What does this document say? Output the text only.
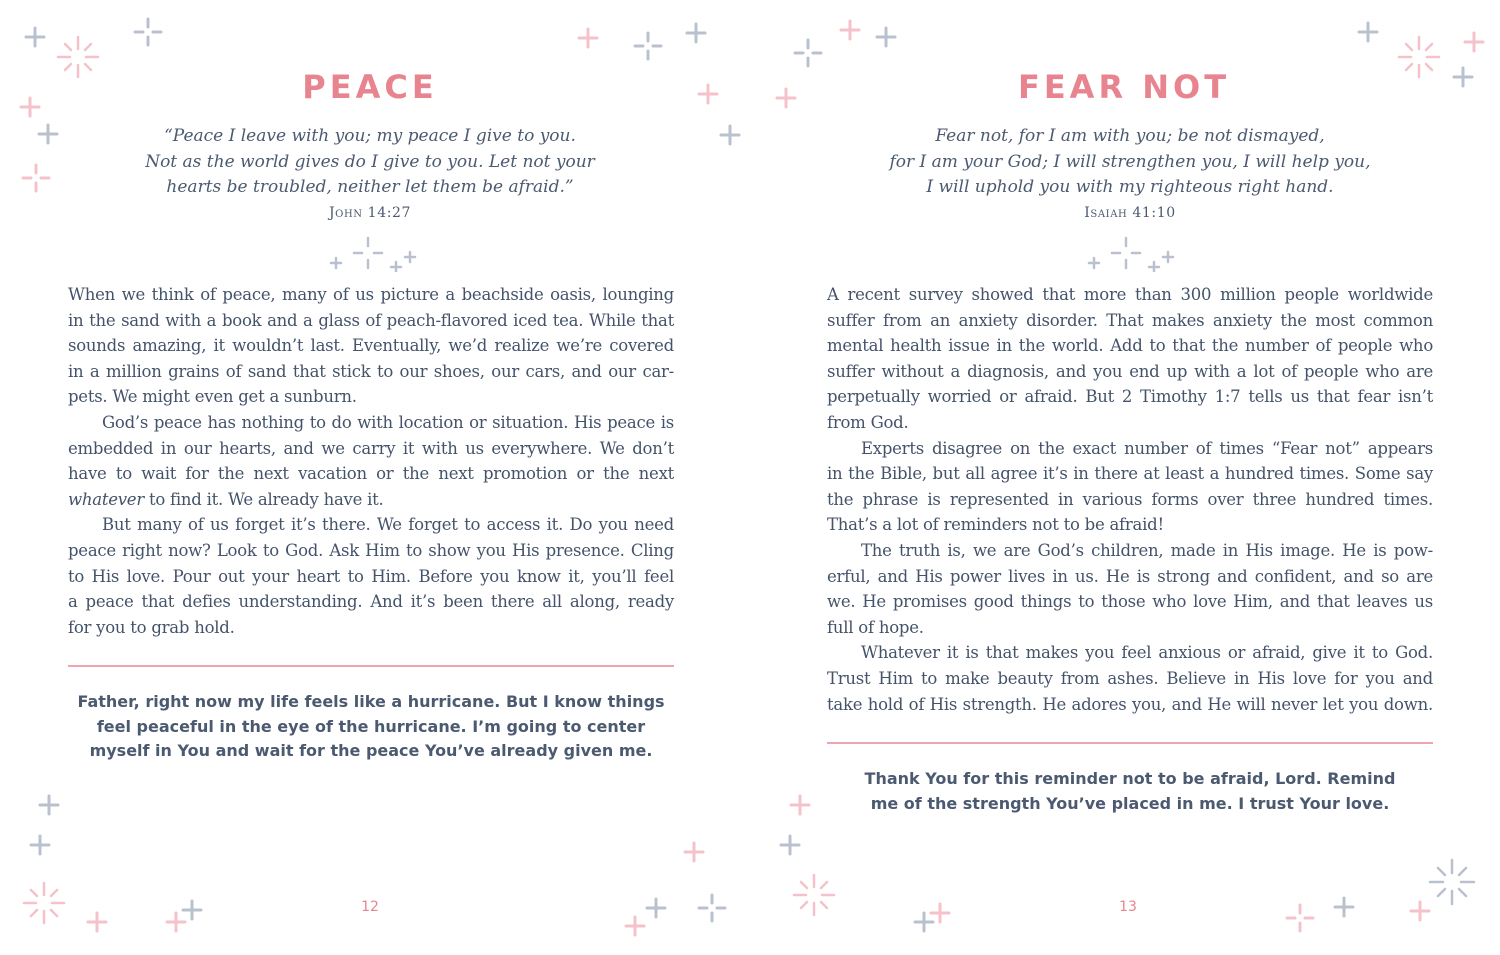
PEACE
“Peace I leave with you; my peace I give to you.
Not as the world gives do I give to you. Let not your
hearts be troubled, neither let them be afraid.”
John 14:27
When we think of peace, many of us picture a beachside oasis, lounging
in the sand with a book and a glass of peach-flavored iced tea. While that
sounds amazing, it wouldn’t last. Eventually, we’d realize we’re covered
in a million grains of sand that stick to our shoes, our cars, and our car-
pets. We might even get a sunburn.
God’s peace has nothing to do with location or situation. His peace is
embedded in our hearts, and we carry it with us everywhere. We don’t
have to wait for the next vacation or the next promotion or the next
whatever to find it. We already have it.
But many of us forget it’s there. We forget to access it. Do you need
peace right now? Look to God. Ask Him to show you His presence. Cling
to His love. Pour out your heart to Him. Before you know it, you’ll feel
a peace that defies understanding. And it’s been there all along, ready
for you to grab hold.
Father, right now my life feels like a hurricane. But I know things
feel peaceful in the eye of the hurricane. I’m going to center
myself in You and wait for the peace You’ve already given me.
12
FEAR NOT
Fear not, for I am with you; be not dismayed,
for I am your God; I will strengthen you, I will help you,
I will uphold you with my righteous right hand.
Isaiah 41:10
A recent survey showed that more than 300 million people worldwide
suffer from an anxiety disorder. That makes anxiety the most common
mental health issue in the world. Add to that the number of people who
suffer without a diagnosis, and you end up with a lot of people who are
perpetually worried or afraid. But 2 Timothy 1:7 tells us that fear isn’t
from God.
Experts disagree on the exact number of times “Fear not” appears
in the Bible, but all agree it’s in there at least a hundred times. Some say
the phrase is represented in various forms over three hundred times.
That’s a lot of reminders not to be afraid!
The truth is, we are God’s children, made in His image. He is pow-
erful, and His power lives in us. He is strong and confident, and so are
we. He promises good things to those who love Him, and that leaves us
full of hope.
Whatever it is that makes you feel anxious or afraid, give it to God.
Trust Him to make beauty from ashes. Believe in His love for you and
take hold of His strength. He adores you, and He will never let you down.
Thank You for this reminder not to be afraid, Lord. Remind
me of the strength You’ve placed in me. I trust Your love.
13
